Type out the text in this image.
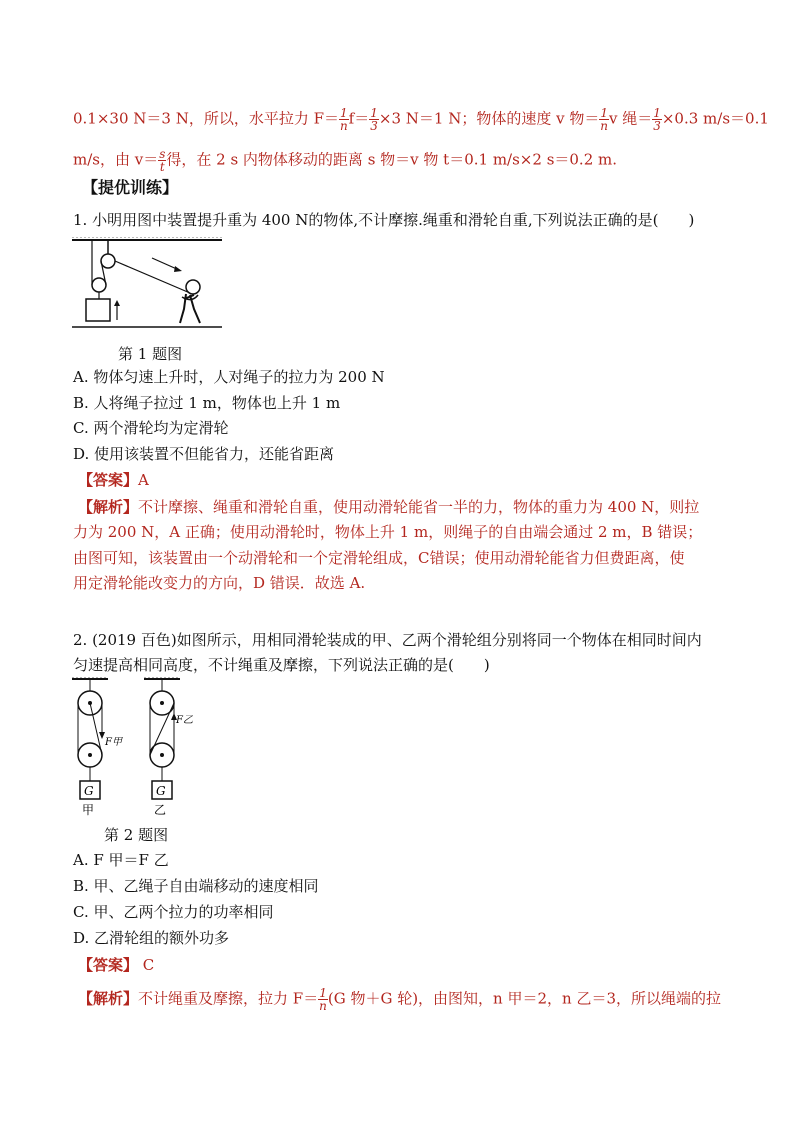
0.1×30 N＝3 N，所以，水平拉力 $F= \frac{1}{n} f= \frac{1}{3} \times 3$ N＝1 N；物体的速度 v 物＝ $\frac{1}{n}$ v 绳＝ $\frac{1}{3} \times 0.3$ m/s＝0.1
m/s，由 $v= \frac{s}{t}$ 得，在 2 s 内物体移动的距离 s 物＝v 物 t＝0.1 m/s×2 s＝0.2 m.
【提优训练】
1. 小明用图中装置提升重为 400 N的物体,不计摩擦.绳重和滑轮自重,下列说法正确的是(　　)
第 1 题图
A. 物体匀速上升时，人对绳子的拉力为 200 N
B. 人将绳子拉过 1 m，物体也上升 1 m
C. 两个滑轮均为定滑轮
D. 使用该装置不但能省力，还能省距离
【答案】A
【解析】不计摩擦、绳重和滑轮自重，使用动滑轮能省一半的力，物体的重力为 400 N，则拉
力为 200 N，A 正确；使用动滑轮时，物体上升 1 m，则绳子的自由端会通过 2 m，B 错误；
由图可知，该装置由一个动滑轮和一个定滑轮组成，C错误；使用动滑轮能省力但费距离，使
用定滑轮能改变力的方向，D 错误．故选 A.
2. (2019 百色)如图所示，用相同滑轮装成的甲、乙两个滑轮组分别将同一个物体在相同时间内
匀速提高相同高度，不计绳重及摩擦，下列说法正确的是(　　)
G	G
甲	乙
F甲
F乙
第 2 题图
A. F 甲＝F 乙
B. 甲、乙绳子自由端移动的速度相同
C. 甲、乙两个拉力的功率相同
D. 乙滑轮组的额外功多
【答案】 C
【解析】不计绳重及摩擦，拉力 $F= \frac{1}{n} (G$ 物＋G 轮)，由图知，n 甲＝2，n 乙＝3，所以绳端的拉
